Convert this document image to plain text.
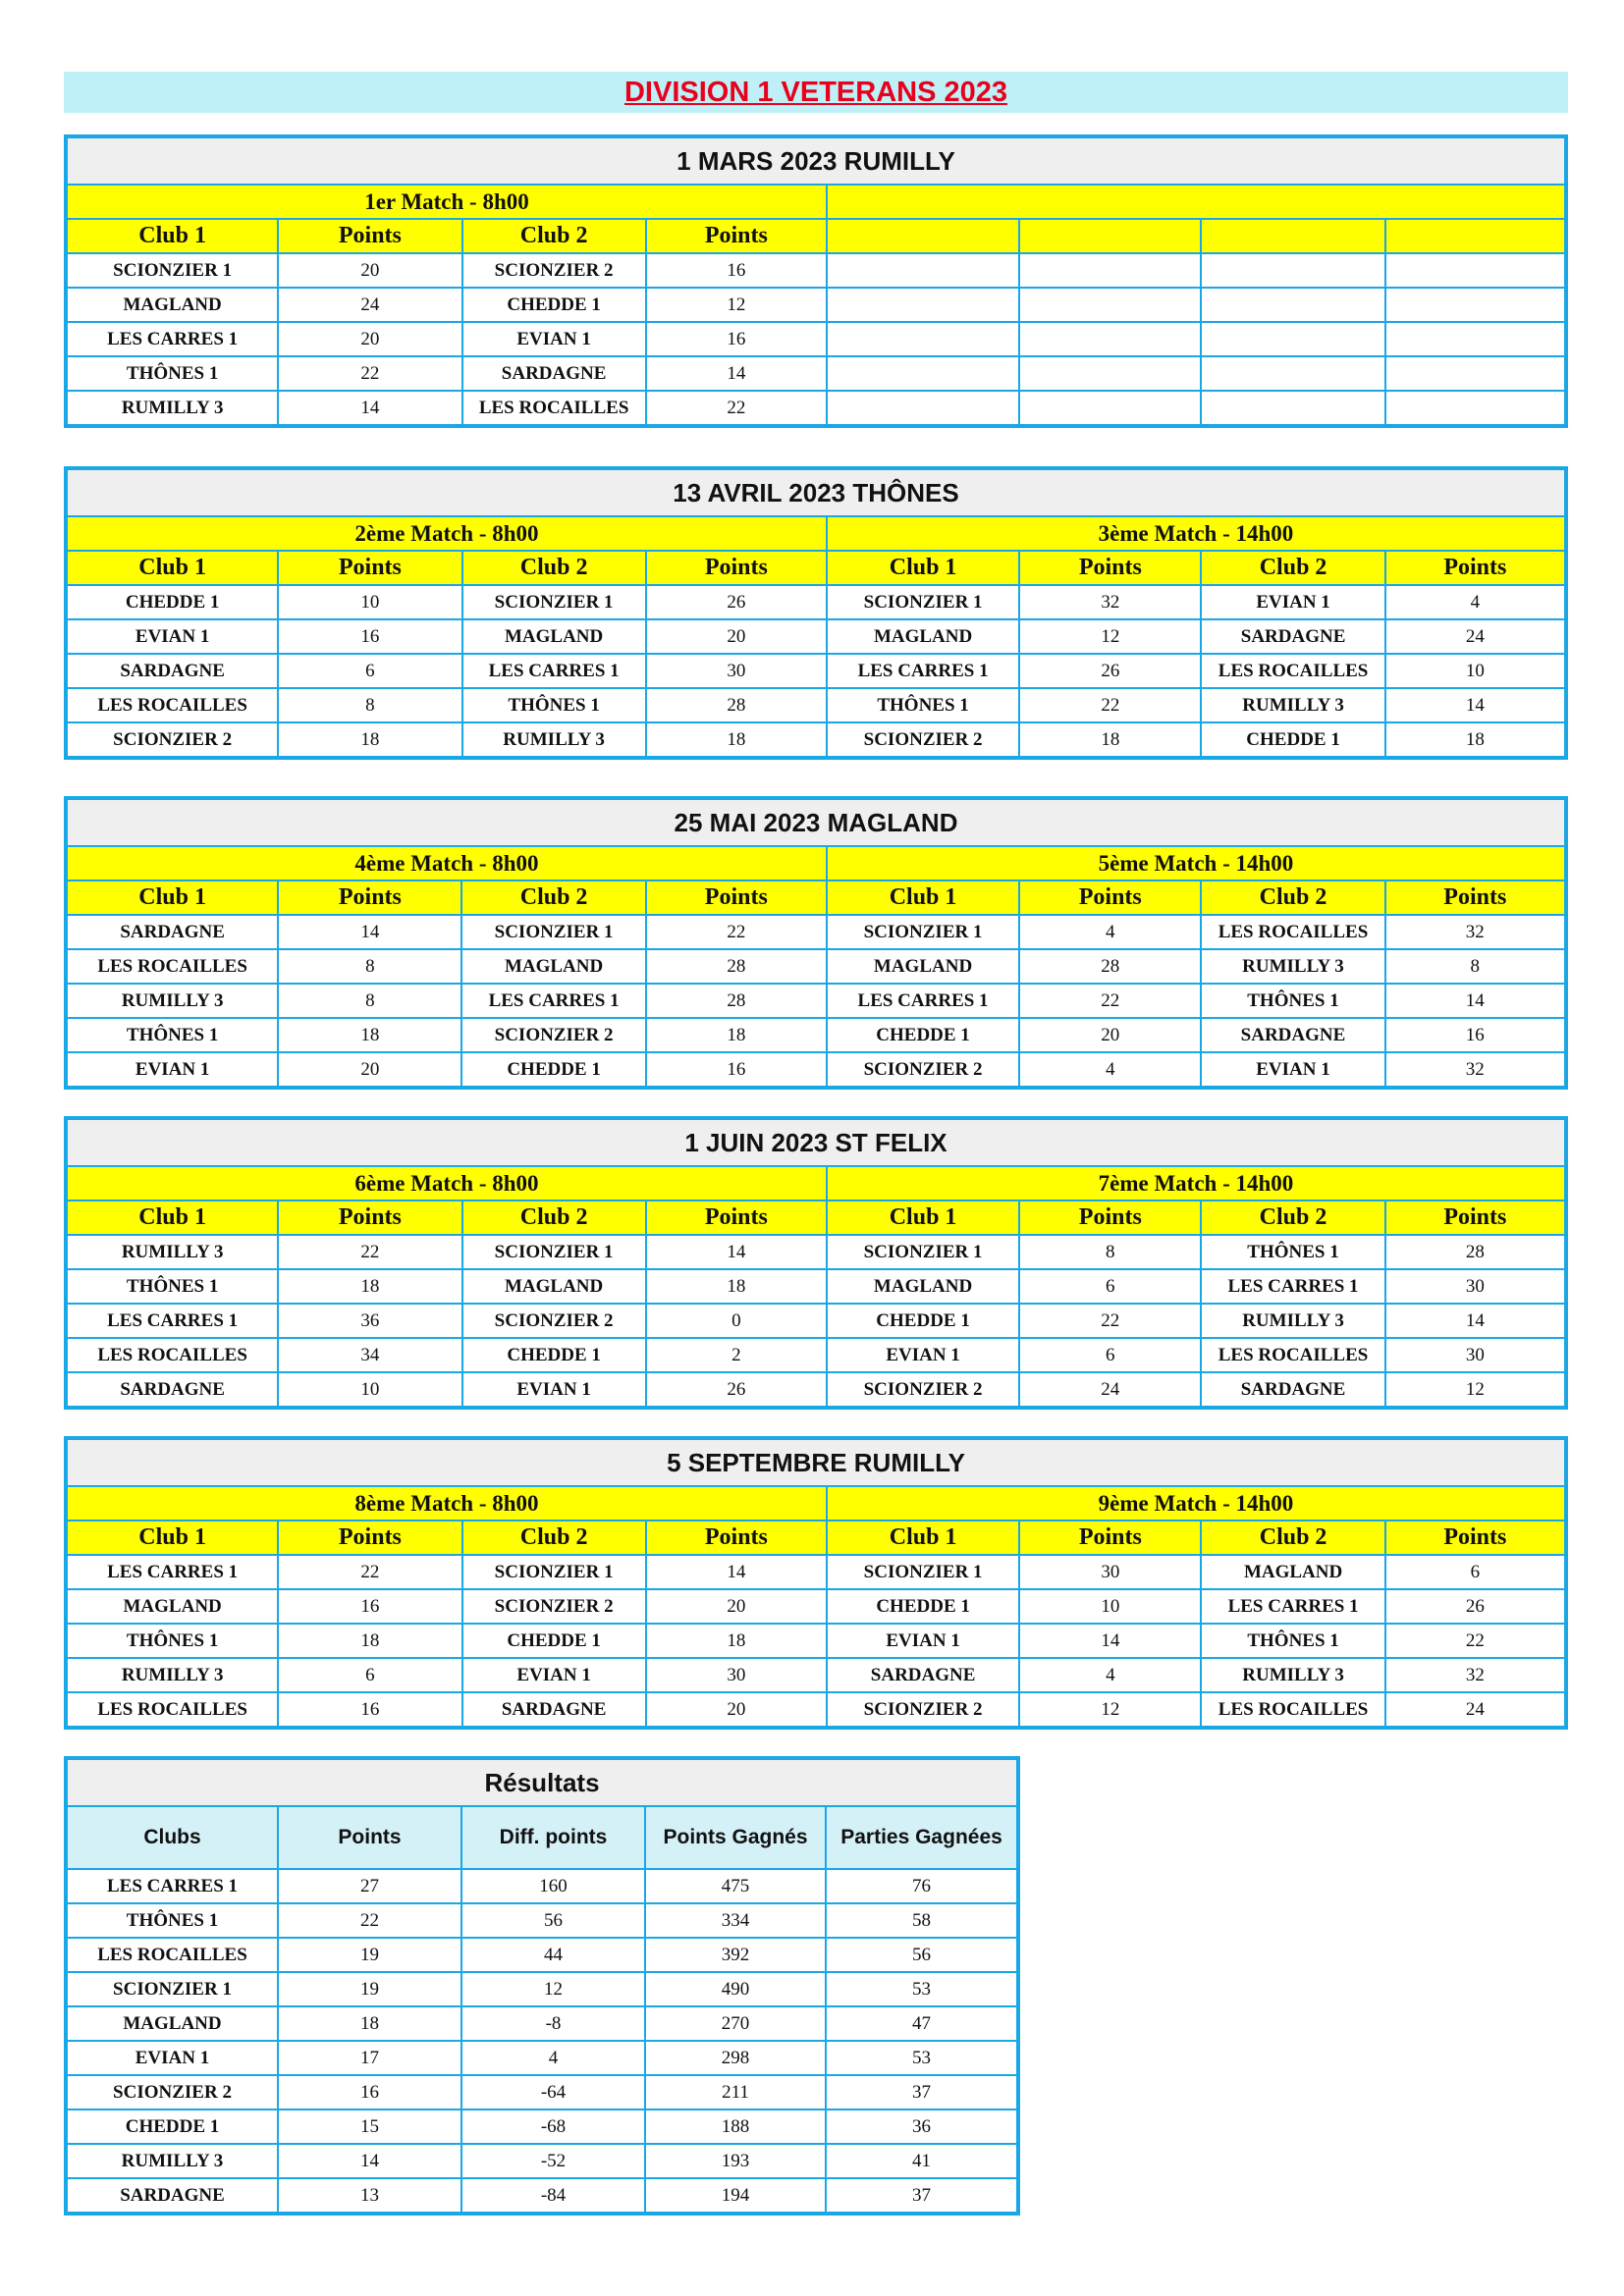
DIVISION 1 VETERANS 2023
1 MARS 2023 RUMILLY							
1er Match - 8h00							
Club 1	Points	Club 2	Points				
SCIONZIER 1	20	SCIONZIER 2	16				
MAGLAND	24	CHEDDE 1	12				
LES CARRES 1	20	EVIAN 1	16				
THÔNES 1	22	SARDAGNE	14				
RUMILLY 3	14	LES ROCAILLES	22				
13 AVRIL 2023 THÔNES							
2ème Match - 8h00				3ème Match - 14h00			
Club 1	Points	Club 2	Points	Club 1	Points	Club 2	Points
CHEDDE 1	10	SCIONZIER 1	26	SCIONZIER 1	32	EVIAN 1	4
EVIAN 1	16	MAGLAND	20	MAGLAND	12	SARDAGNE	24
SARDAGNE	6	LES CARRES 1	30	LES CARRES 1	26	LES ROCAILLES	10
LES ROCAILLES	8	THÔNES 1	28	THÔNES 1	22	RUMILLY 3	14
SCIONZIER 2	18	RUMILLY 3	18	SCIONZIER 2	18	CHEDDE 1	18
25 MAI 2023 MAGLAND							
4ème Match - 8h00				5ème Match - 14h00			
Club 1	Points	Club 2	Points	Club 1	Points	Club 2	Points
SARDAGNE	14	SCIONZIER 1	22	SCIONZIER 1	4	LES ROCAILLES	32
LES ROCAILLES	8	MAGLAND	28	MAGLAND	28	RUMILLY 3	8
RUMILLY 3	8	LES CARRES 1	28	LES CARRES 1	22	THÔNES 1	14
THÔNES 1	18	SCIONZIER 2	18	CHEDDE 1	20	SARDAGNE	16
EVIAN 1	20	CHEDDE 1	16	SCIONZIER 2	4	EVIAN 1	32
1 JUIN 2023 ST FELIX							
6ème Match - 8h00				7ème Match - 14h00			
Club 1	Points	Club 2	Points	Club 1	Points	Club 2	Points
RUMILLY 3	22	SCIONZIER 1	14	SCIONZIER 1	8	THÔNES 1	28
THÔNES 1	18	MAGLAND	18	MAGLAND	6	LES CARRES 1	30
LES CARRES 1	36	SCIONZIER 2	0	CHEDDE 1	22	RUMILLY 3	14
LES ROCAILLES	34	CHEDDE 1	2	EVIAN 1	6	LES ROCAILLES	30
SARDAGNE	10	EVIAN 1	26	SCIONZIER 2	24	SARDAGNE	12
5 SEPTEMBRE RUMILLY							
8ème Match - 8h00				9ème Match - 14h00			
Club 1	Points	Club 2	Points	Club 1	Points	Club 2	Points
LES CARRES 1	22	SCIONZIER 1	14	SCIONZIER 1	30	MAGLAND	6
MAGLAND	16	SCIONZIER 2	20	CHEDDE 1	10	LES CARRES 1	26
THÔNES 1	18	CHEDDE 1	18	EVIAN 1	14	THÔNES 1	22
RUMILLY 3	6	EVIAN 1	30	SARDAGNE	4	RUMILLY 3	32
LES ROCAILLES	16	SARDAGNE	20	SCIONZIER 2	12	LES ROCAILLES	24
Résultats				
Clubs	Points	Diff. points	Points Gagnés	Parties Gagnées
LES CARRES 1	27	160	475	76
THÔNES 1	22	56	334	58
LES ROCAILLES	19	44	392	56
SCIONZIER 1	19	12	490	53
MAGLAND	18	-8	270	47
EVIAN 1	17	4	298	53
SCIONZIER 2	16	-64	211	37
CHEDDE 1	15	-68	188	36
RUMILLY 3	14	-52	193	41
SARDAGNE	13	-84	194	37
